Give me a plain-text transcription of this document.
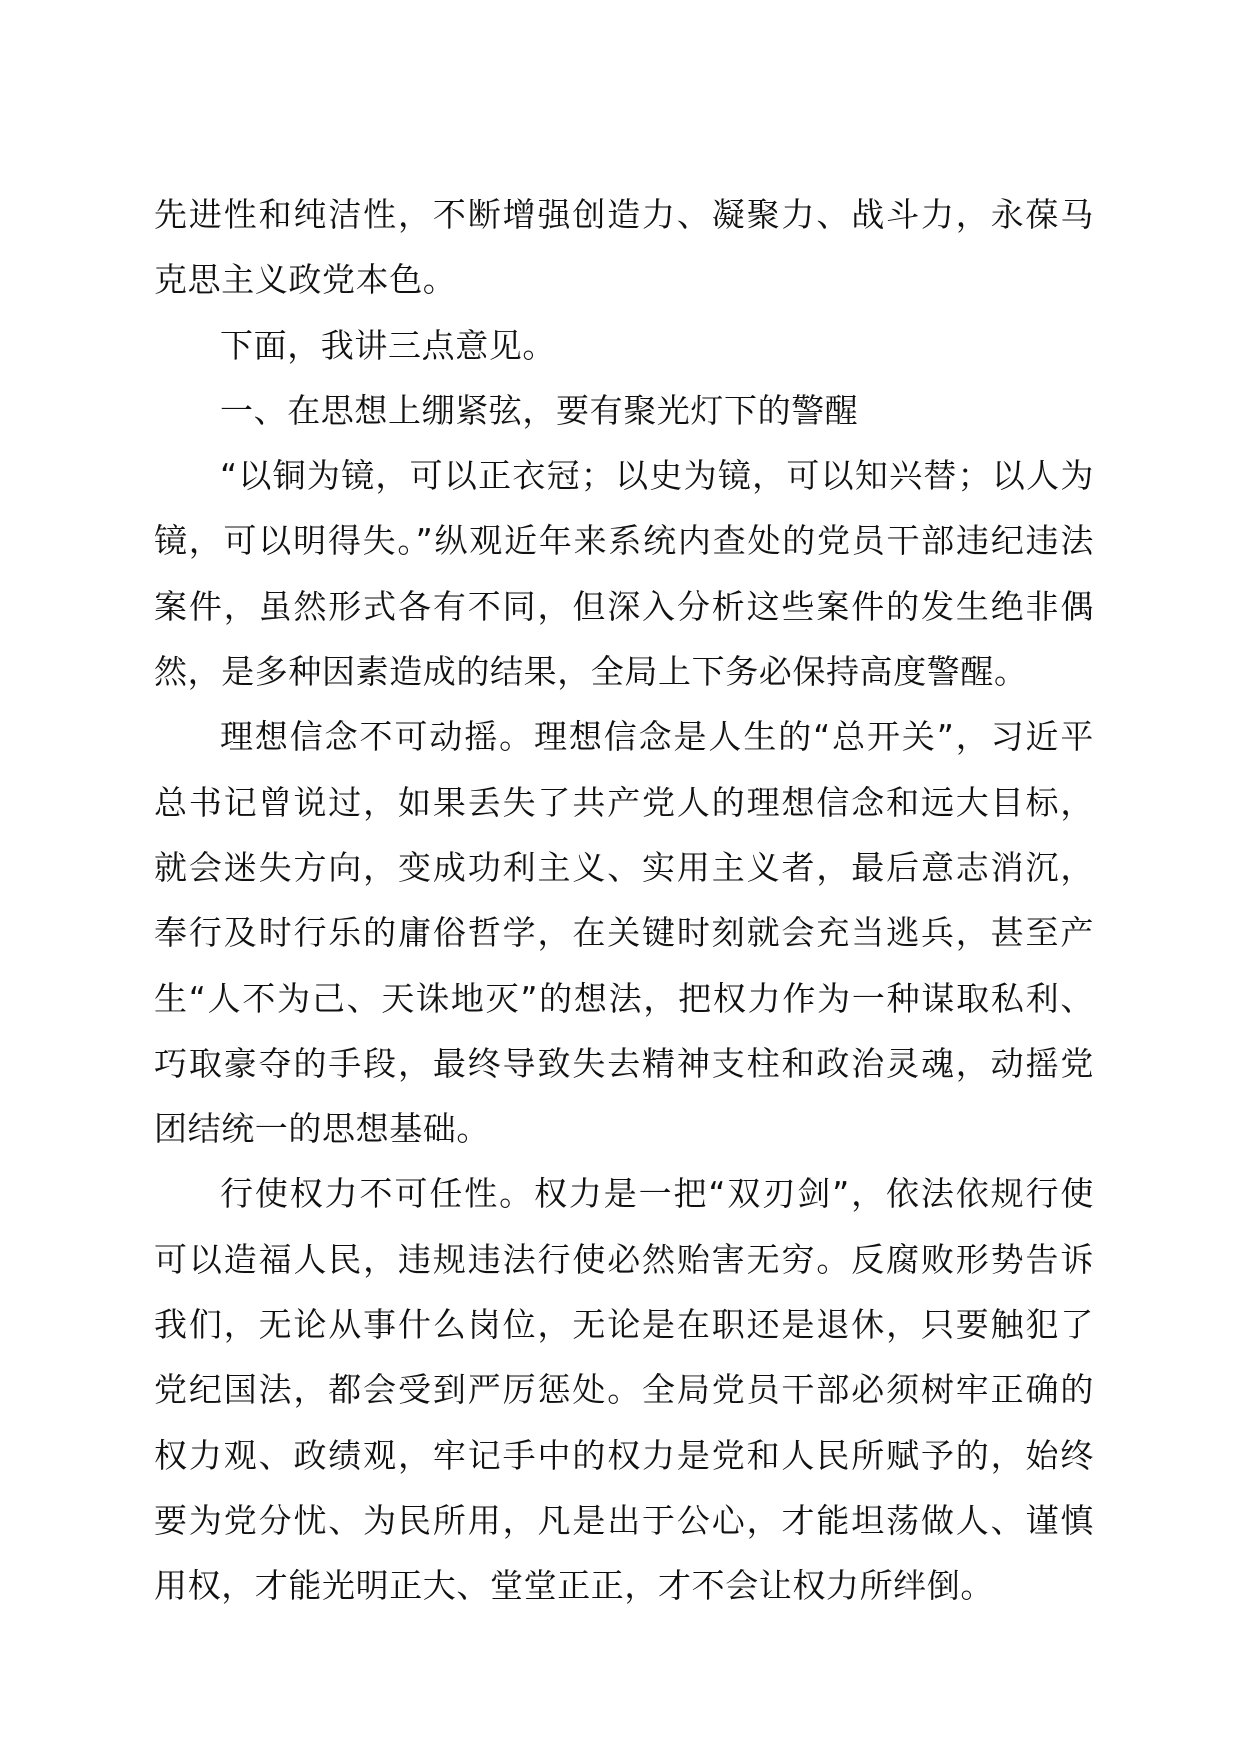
先进性和纯洁性，不断增强创造力、凝聚力、战斗力，永葆马克思主义政党本色。

下面，我讲三点意见。

一、在思想上绷紧弦，要有聚光灯下的警醒

“以铜为镜，可以正衣冠；以史为镜，可以知兴替；以人为镜，可以明得失。”纵观近年来系统内查处的党员干部违纪违法案件，虽然形式各有不同，但深入分析这些案件的发生绝非偶然，是多种因素造成的结果，全局上下务必保持高度警醒。

理想信念不可动摇。理想信念是人生的“总开关”，习近平总书记曾说过，如果丢失了共产党人的理想信念和远大目标，就会迷失方向，变成功利主义、实用主义者，最后意志消沉，奉行及时行乐的庸俗哲学，在关键时刻就会充当逃兵，甚至产生“人不为己、天诛地灭”的想法，把权力作为一种谋取私利、巧取豪夺的手段，最终导致失去精神支柱和政治灵魂，动摇党团结统一的思想基础。

行使权力不可任性。权力是一把“双刃剑”，依法依规行使可以造福人民，违规违法行使必然贻害无穷。反腐败形势告诉我们，无论从事什么岗位，无论是在职还是退休，只要触犯了党纪国法，都会受到严厉惩处。全局党员干部必须树牢正确的权力观、政绩观，牢记手中的权力是党和人民所赋予的，始终要为党分忧、为民所用，凡是出于公心，才能坦荡做人、谨慎用权，才能光明正大、堂堂正正，才不会让权力所绊倒。
